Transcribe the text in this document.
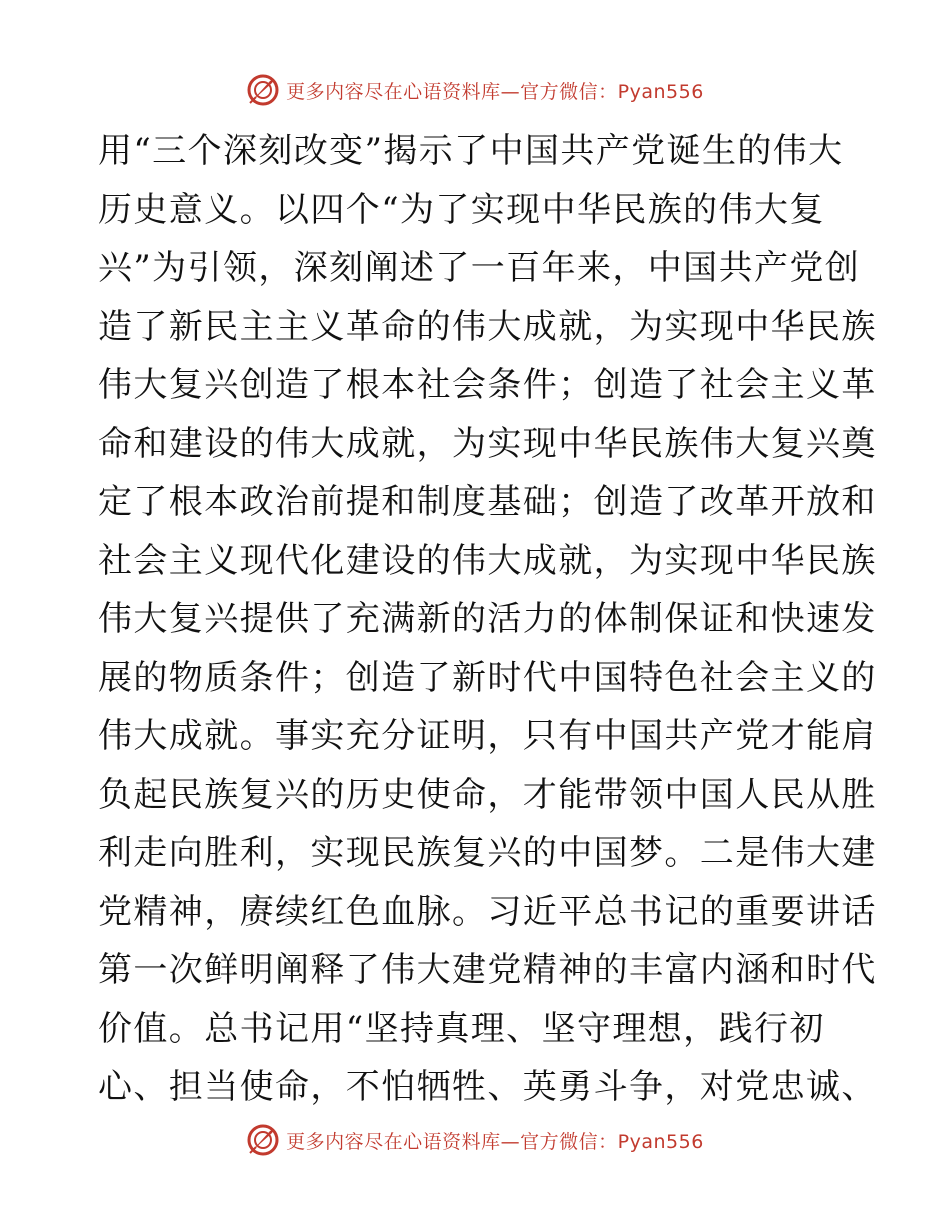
更多内容尽在心语资料库—官方微信：Pyan556
用“三个深刻改变”揭示了中国共产党诞生的伟大
历史意义。以四个“为了实现中华民族的伟大复
兴”为引领，深刻阐述了一百年来，中国共产党创
造了新民主主义革命的伟大成就，为实现中华民族
伟大复兴创造了根本社会条件；创造了社会主义革
命和建设的伟大成就，为实现中华民族伟大复兴奠
定了根本政治前提和制度基础；创造了改革开放和
社会主义现代化建设的伟大成就，为实现中华民族
伟大复兴提供了充满新的活力的体制保证和快速发
展的物质条件；创造了新时代中国特色社会主义的
伟大成就。事实充分证明，只有中国共产党才能肩
负起民族复兴的历史使命，才能带领中国人民从胜
利走向胜利，实现民族复兴的中国梦。二是伟大建
党精神，赓续红色血脉。习近平总书记的重要讲话
第一次鲜明阐释了伟大建党精神的丰富内涵和时代
价值。总书记用“坚持真理、坚守理想，践行初
心、担当使命，不怕牺牲、英勇斗争，对党忠诚、
更多内容尽在心语资料库—官方微信：Pyan556
